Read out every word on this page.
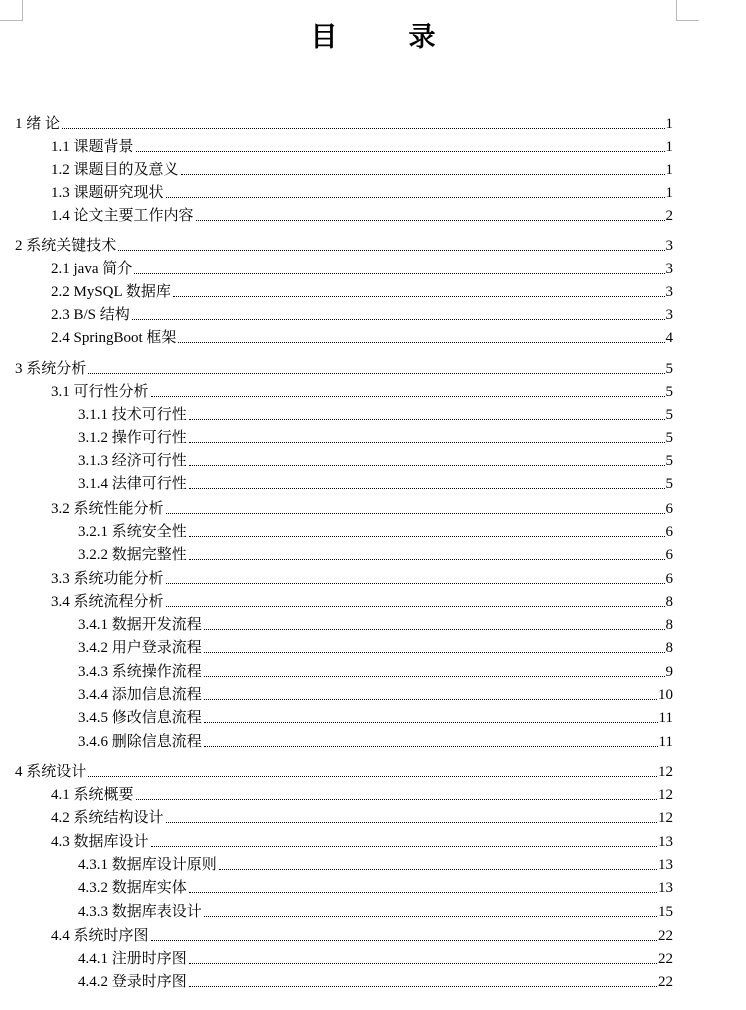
目　录
1 绪 论	1
1.1 课题背景	1
1.2 课题目的及意义	1
1.3 课题研究现状	1
1.4 论文主要工作内容	2
2 系统关键技术	3
2.1 java 简介	3
2.2 MySQL 数据库	3
2.3 B/S 结构	3
2.4 SpringBoot 框架	4
3 系统分析	5
3.1 可行性分析	5
3.1.1 技术可行性	5
3.1.2 操作可行性	5
3.1.3 经济可行性	5
3.1.4 法律可行性	5
3.2 系统性能分析	6
3.2.1 系统安全性	6
3.2.2 数据完整性	6
3.3 系统功能分析	6
3.4 系统流程分析	8
3.4.1 数据开发流程	8
3.4.2 用户登录流程	8
3.4.3 系统操作流程	9
3.4.4 添加信息流程	10
3.4.5 修改信息流程	11
3.4.6 删除信息流程	11
4 系统设计	12
4.1 系统概要	12
4.2 系统结构设计	12
4.3 数据库设计	13
4.3.1 数据库设计原则	13
4.3.2 数据库实体	13
4.3.3 数据库表设计	15
4.4 系统时序图	22
4.4.1 注册时序图	22
4.4.2 登录时序图	22
